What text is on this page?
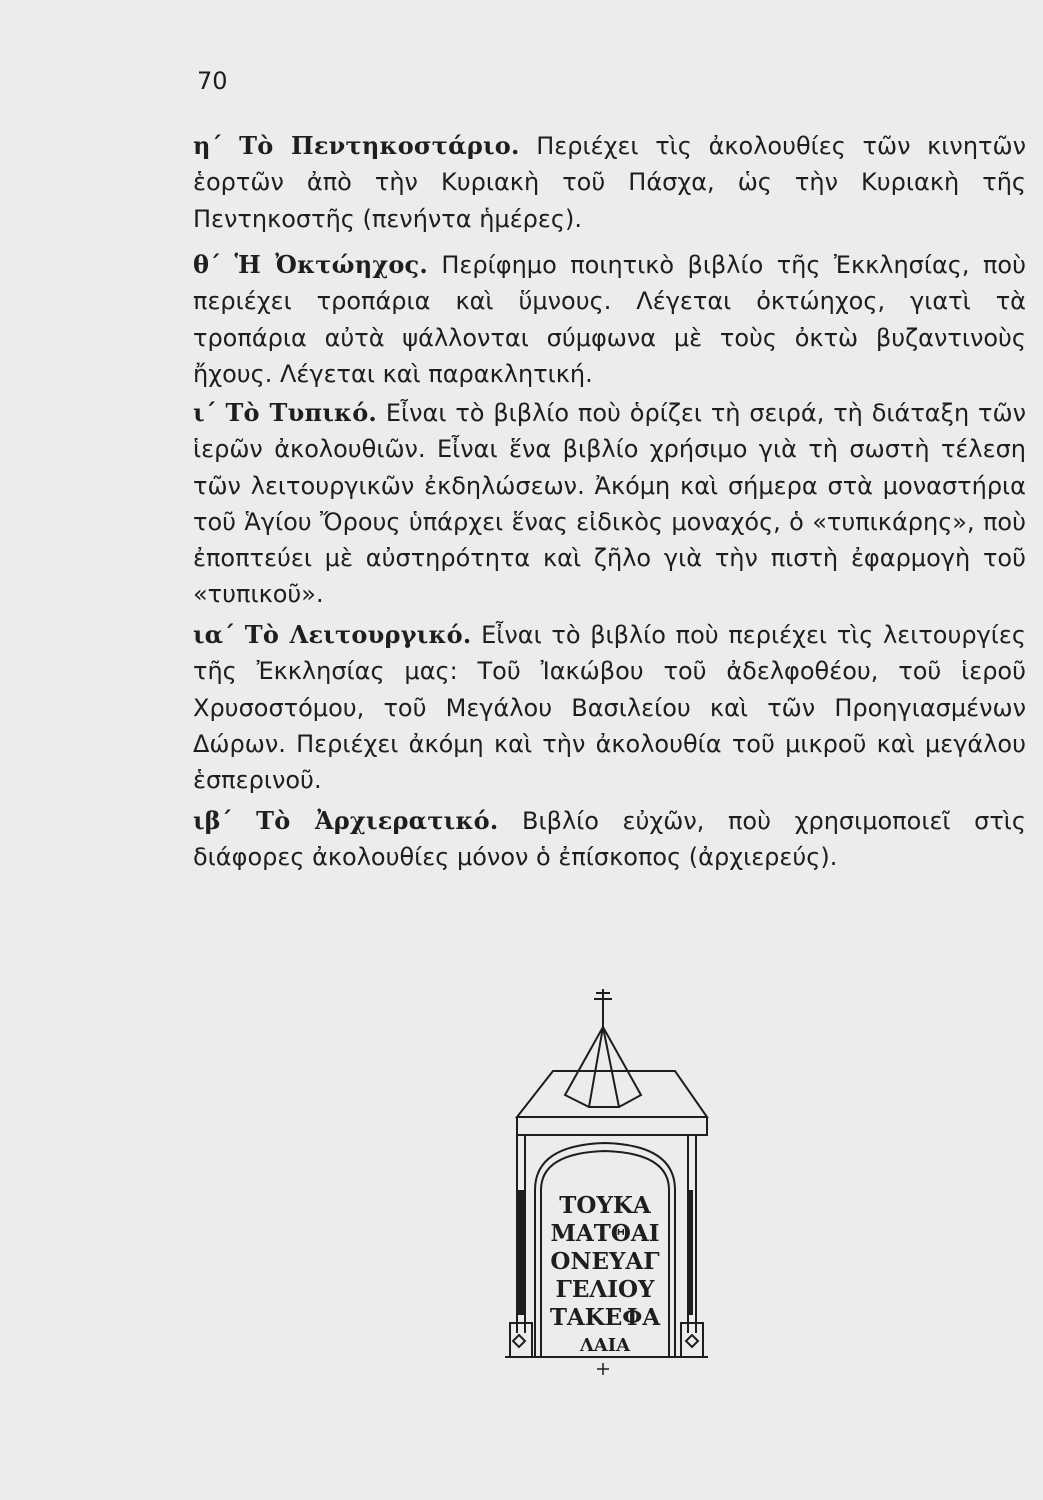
70

η΄ Τὸ Πεντηκοστάριο. Περιέχει τὶς ἀκολουθίες τῶν κινητῶν ἑορτῶν ἀπὸ τὴν Κυριακὴ τοῦ Πάσχα, ὡς τὴν Κυριακὴ τῆς Πεντηκοστῆς (πενήντα ἡμέρες).

θ΄ Ἡ Ὀκτώηχος. Περίφημο ποιητικὸ βιβλίο τῆς Ἐκκλησίας, ποὺ περιέχει τροπάρια καὶ ὕμνους. Λέγεται ὀκτώηχος, γιατὶ τὰ τροπάρια αὐτὰ ψάλλονται σύμφωνα μὲ τοὺς ὀκτὼ βυζαντινοὺς ἤχους. Λέγεται καὶ παρακλητική.

ι΄ Τὸ Τυπικό. Εἶναι τὸ βιβλίο ποὺ ὁρίζει τὴ σειρά, τὴ διάταξη τῶν ἱερῶν ἀκολουθιῶν. Εἶναι ἕνα βιβλίο χρήσιμο γιὰ τὴ σωστὴ τέλεση τῶν λειτουργικῶν ἐκδηλώσεων. Ἀκόμη καὶ σήμερα στὰ μοναστήρια τοῦ Ἁγίου Ὄρους ὑπάρχει ἕνας εἰδικὸς μοναχός, ὁ «τυπικάρης», ποὺ ἐποπτεύει μὲ αὐστηρότητα καὶ ζῆλο γιὰ τὴν πιστὴ ἐφαρμογὴ τοῦ «τυπικοῦ».

ια΄ Τὸ Λειτουργικό. Εἶναι τὸ βιβλίο ποὺ περιέχει τὶς λειτουργίες τῆς Ἐκκλησίας μας: Τοῦ Ἰακώβου τοῦ ἀδελφοθέου, τοῦ ἱεροῦ Χρυσοστόμου, τοῦ Μεγάλου Βασιλείου καὶ τῶν Προηγιασμένων Δώρων. Περιέχει ἀκόμη καὶ τὴν ἀκολουθία τοῦ μικροῦ καὶ μεγάλου ἑσπερινοῦ.

ιβ΄ Τὸ Ἀρχιερατικό. Βιβλίο εὐχῶν, ποὺ χρησιμοποιεῖ στὶς διάφορες ἀκολουθίες μόνον ὁ ἐπίσκοπος (ἀρχιερεύς).

ΤΟΥΚΑ
ΜΑΤΘΑΙ
ΟΝΕΥΑΓ
ΓΕΛΙΟΥ
ΤΑΚΕΦΑ
ΛΑΙΑ
